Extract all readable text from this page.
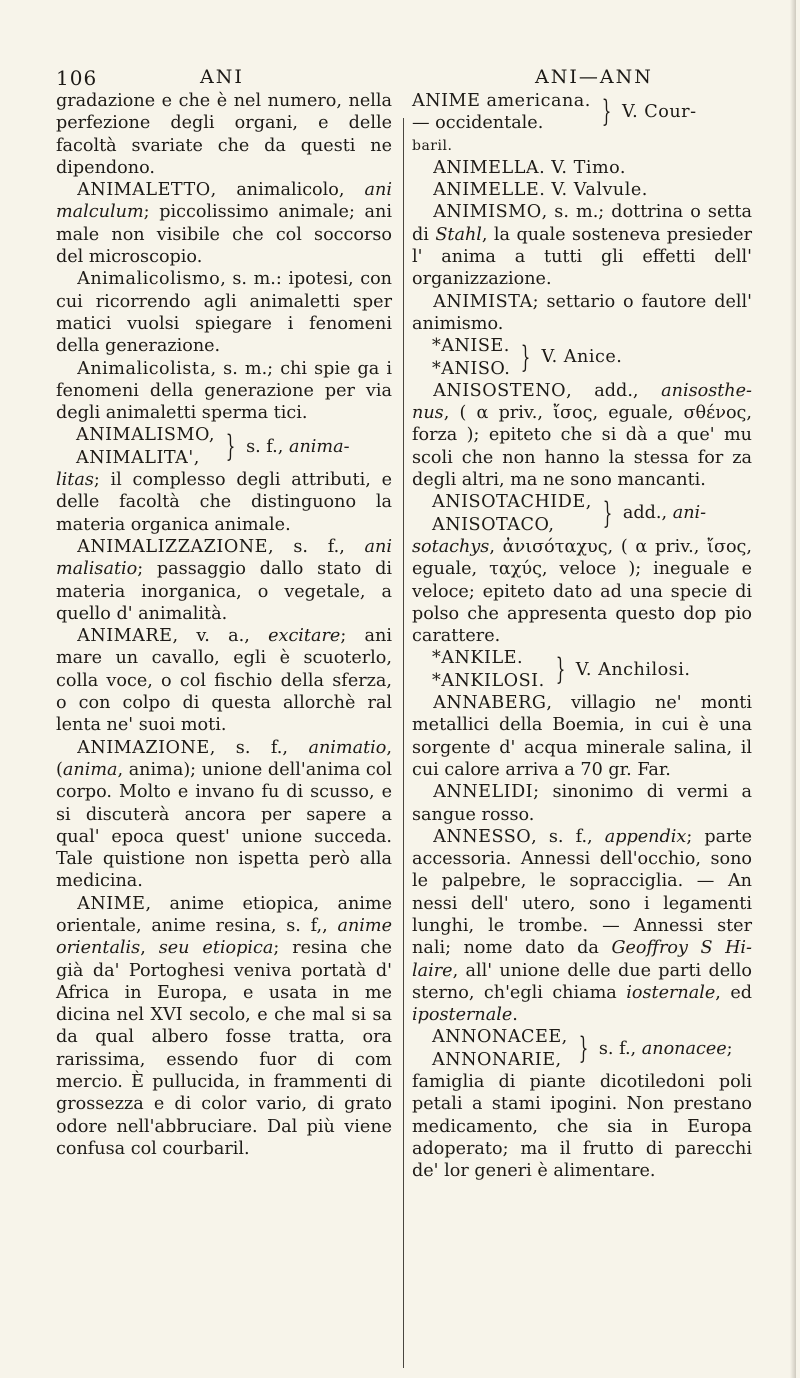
106	ANI	ANI—ANN

gradazione e che è nel numero, nella perfezione degli organi, e delle facoltà svariate che da questi ne dipendono.

ANIMALETTO, animalicolo, ani malculum; piccolissimo animale; ani male non visibile che col soccorso del microscopio.

Animalicolismo, s. m.: ipotesi, con cui ricorrendo agli animaletti sper matici vuolsi spiegare i fenomeni della generazione.

Animalicolista, s. m.; chi spie ga i fenomeni della generazione per via degli animaletti sperma tici.

ANIMALISMO,
ANIMALITA', } s. f., anima-

litas; il complesso degli attributi, e delle facoltà che distinguono la materia organica animale.

ANIMALIZZAZIONE, s. f., ani malisatio; passaggio dallo stato di materia inorganica, o vegetale, a quello d' animalità.

ANIMARE, v. a., excitare; ani mare un cavallo, egli è scuoterlo, colla voce, o col fischio della sferza, o con colpo di questa allorchè ral lenta ne' suoi moti.

ANIMAZIONE, s. f., animatio, (anima, anima); unione dell'anima col corpo. Molto e invano fu di scusso, e si discuterà ancora per sapere a qual' epoca quest' unione succeda. Tale quistione non ispetta però alla medicina.

ANIME, anime etiopica, anime orientale, anime resina, s. f,, anime orientalis, seu etiopica; resina che già da' Portoghesi veniva portatà d' Africa in Europa, e usata in me dicina nel XVI secolo, e che mal si sa da qual albero fosse tratta, ora rarissima, essendo fuor di com mercio. È pullucida, in frammenti di grossezza e di color vario, di grato odore nell'abbruciare. Dal più viene confusa col courbaril.

ANIME americana.
— occidentale.	} V. Cour-

baril.

ANIMELLA. V. Timo.

ANIMELLE. V. Valvule.

ANIMISMO, s. m.; dottrina o setta di Stahl, la quale sosteneva presieder l' anima a tutti gli effetti dell' organizzazione.

ANIMISTA; settario o fautore dell' animismo.

*ANISE.
*ANISO. } V. Anice.

ANISOSTENO, add., anisosthe- nus, ( α priv., ἴσος, eguale, σθένος, forza ); epiteto che si dà a que' mu scoli che non hanno la stessa for za degli altri, ma ne sono mancanti.

ANISOTACHIDE,
ANISOTACO,	} add., ani-

sotachys, ἀνισόταχυς, ( α priv., ἴσος, eguale, ταχύς, veloce ); ineguale e veloce; epiteto dato ad una specie di polso che appresenta questo dop pio carattere.

*ANKILE.
*ANKILOSI. } V. Anchilosi.

ANNABERG, villagio ne' monti metallici della Boemia, in cui è una sorgente d' acqua minerale salina, il cui calore arriva a 70 gr. Far.

ANNELIDI; sinonimo di vermi a sangue rosso.

ANNESSO, s. f., appendix; parte accessoria. Annessi dell'occhio, sono le palpebre, le sopracciglia. — An nessi dell' utero, sono i legamenti lunghi, le trombe. — Annessi ster nali; nome dato da Geoffroy S Hi- laire, all' unione delle due parti dello sterno, ch'egli chiama iosternale, ed iposternale.

ANNONACEE,
ANNONARIE, } s. f., anonacee;

famiglia di piante dicotiledoni poli petali a stami ipogini. Non prestano medicamento, che sia in Europa adoperato; ma il frutto di parecchi de' lor generi è alimentare.
